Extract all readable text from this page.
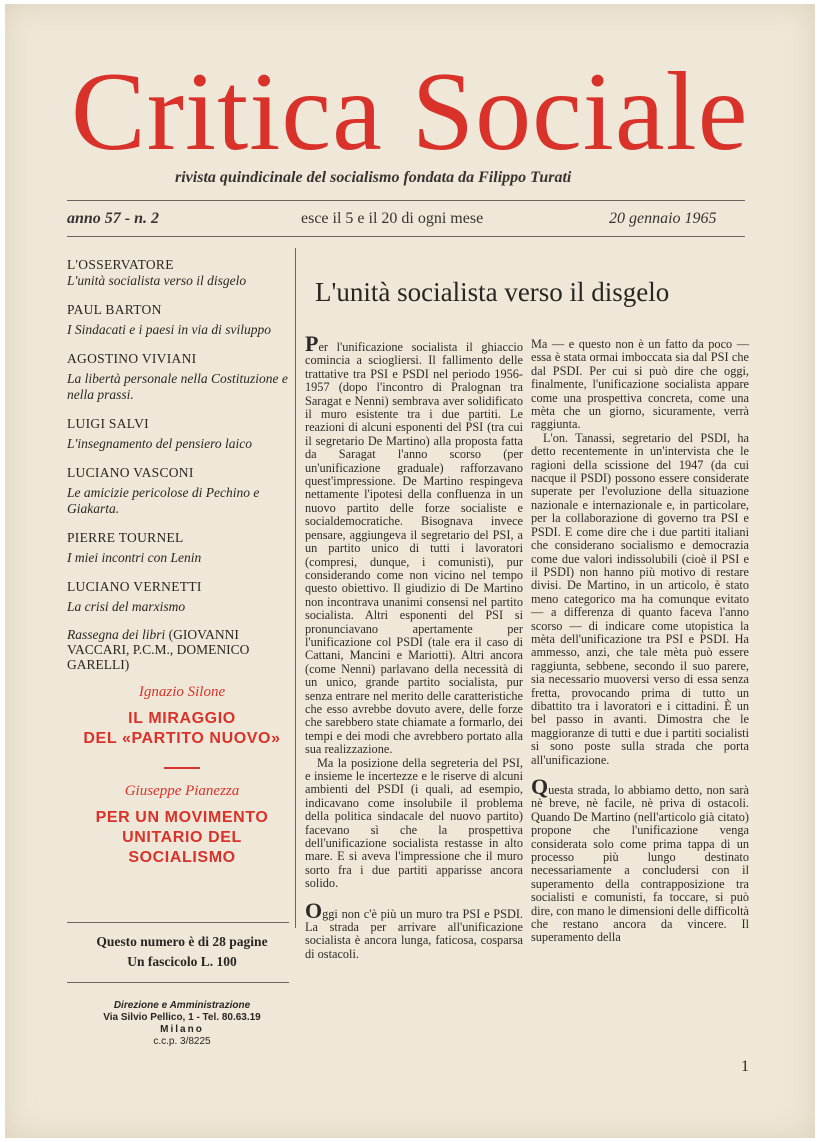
Critica Sociale
rivista quindicinale del socialismo fondata da Filippo Turati
anno 57 - n. 2	esce il 5 e il 20 di ogni mese	20 gennaio 1965
L'OSSERVATORE
L'unità socialista verso il disgelo
PAUL BARTON
I Sindacati e i paesi in via di sviluppo
AGOSTINO VIVIANI
La libertà personale nella Costituzione e nella prassi.
LUIGI SALVI
L'insegnamento del pensiero laico
LUCIANO VASCONI
Le amicizie pericolose di Pechino e Giakarta.
PIERRE TOURNEL
I miei incontri con Lenin
LUCIANO VERNETTI
La crisi del marxismo
Rassegna dei libri (GIOVANNI VACCARI, P.C.M., DOMENICO GARELLI)
Ignazio Silone
IL MIRAGGIO
DEL «PARTITO NUOVO»
Giuseppe Pianezza
PER UN MOVIMENTO
UNITARIO DEL SOCIALISMO
Questo numero è di 28 pagine
Un fascicolo L. 100
Direzione e Amministrazione
Via Silvio Pellico, 1 - Tel. 80.63.19
Milano
c.c.p. 3/8225
L'unità socialista verso il disgelo

Per l'unificazione socialista il ghiaccio comincia a sciogliersi. Il fallimento delle trattative tra PSI e PSDI nel periodo 1956-1957 (dopo l'incontro di Pralognan tra Saragat e Nenni) sembrava aver solidificato il muro esistente tra i due partiti. Le reazioni di alcuni esponenti del PSI (tra cui il segretario De Martino) alla proposta fatta da Saragat l'anno scorso (per un'unificazione graduale) rafforzavano quest'impressione. De Martino respingeva nettamente l'ipotesi della confluenza in un nuovo partito delle forze socialiste e socialdemocratiche. Bisognava invece pensare, aggiungeva il segretario del PSI, a un partito unico di tutti i lavoratori (compresi, dunque, i comunisti), pur considerando come non vicino nel tempo questo obiettivo. Il giudizio di De Martino non incontrava unanimi consensi nel partito socialista. Altri esponenti del PSI si pronunciavano apertamente per l'unificazione col PSDI (tale era il caso di Cattani, Mancini e Mariotti). Altri ancora (come Nenni) parlavano della necessità di un unico, grande partito socialista, pur senza entrare nel merito delle caratteristiche che esso avrebbe dovuto avere, delle forze che sarebbero state chiamate a formarlo, dei tempi e dei modi che avrebbero portato alla sua realizzazione.

Ma la posizione della segreteria del PSI, e insieme le incertezze e le riserve di alcuni ambienti del PSDI (i quali, ad esempio, indicavano come insolubile il problema della politica sindacale del nuovo partito) facevano sì che la prospettiva dell'unificazione socialista restasse in alto mare. E si aveva l'impressione che il muro sorto fra i due partiti apparisse ancora solido.

Oggi non c'è più un muro tra PSI e PSDI. La strada per arrivare all'unificazione socialista è ancora lunga, faticosa, cosparsa di ostacoli.

Ma — e questo non è un fatto da poco — essa è stata ormai imboccata sia dal PSI che dal PSDI. Per cui si può dire che oggi, finalmente, l'unificazione socialista appare come una prospettiva concreta, come una mèta che un giorno, sicuramente, verrà raggiunta.

L'on. Tanassi, segretario del PSDI, ha detto recentemente in un'intervista che le ragioni della scissione del 1947 (da cui nacque il PSDI) possono essere considerate superate per l'evoluzione della situazione nazionale e internazionale e, in particolare, per la collaborazione di governo tra PSI e PSDI. E come dire che i due partiti italiani che considerano socialismo e democrazia come due valori indissolubili (cioè il PSI e il PSDI) non hanno più motivo di restare divisi. De Martino, in un articolo, è stato meno categorico ma ha comunque evitato — a differenza di quanto faceva l'anno scorso — di indicare come utopistica la mèta dell'unificazione tra PSI e PSDI. Ha ammesso, anzi, che tale mèta può essere raggiunta, sebbene, secondo il suo parere, sia necessario muoversi verso di essa senza fretta, provocando prima di tutto un dibattito tra i lavoratori e i cittadini. È un bel passo in avanti. Dimostra che le maggioranze di tutti e due i partiti socialisti si sono poste sulla strada che porta all'unificazione.

Questa strada, lo abbiamo detto, non sarà nè breve, nè facile, nè priva di ostacoli. Quando De Martino (nell'articolo già citato) propone che l'unificazione venga considerata solo come prima tappa di un processo più lungo destinato necessariamente a concludersi con il superamento della contrapposizione tra socialisti e comunisti, fa toccare, si può dire, con mano le dimensioni delle difficoltà che restano ancora da vincere. Il superamento della

1
